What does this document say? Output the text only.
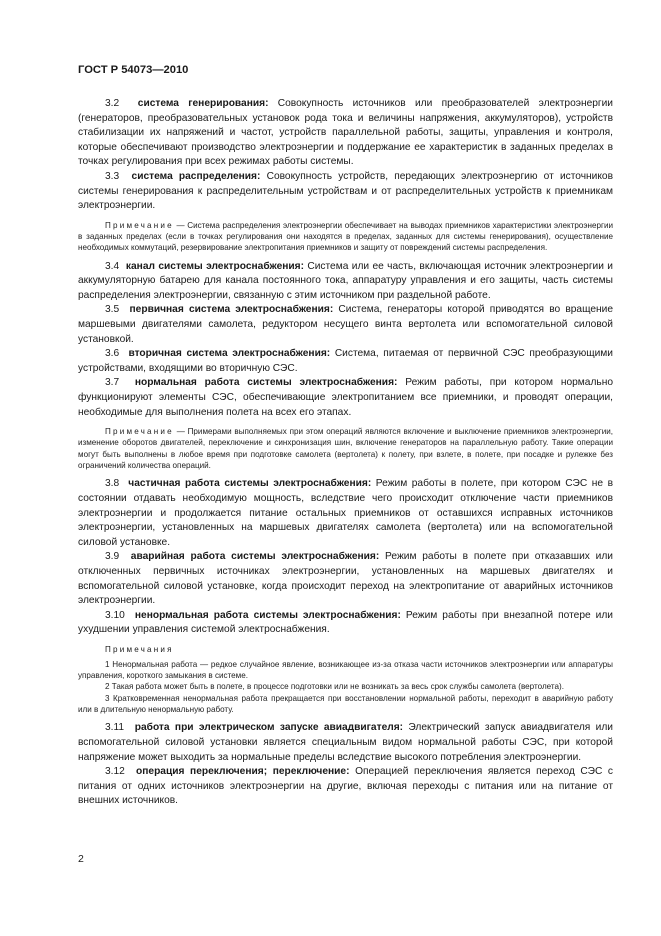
ГОСТ Р 54073—2010

3.2 система генерирования: Совокупность источников или преобразователей электроэнергии (генераторов, преобразовательных установок рода тока и величины напряжения, аккумуляторов), устройств стабилизации их напряжений и частот, устройств параллельной работы, защиты, управления и контроля, которые обеспечивают производство электроэнергии и поддержание ее характеристик в заданных пределах в точках регулирования при всех режимах работы системы.

3.3 система распределения: Совокупность устройств, передающих электроэнергию от источников системы генерирования к распределительным устройствам и от распределительных устройств к приемникам электроэнергии.

Примечание — Система распределения электроэнергии обеспечивает на выводах приемников характеристики электроэнергии в заданных пределах (если в точках регулирования они находятся в пределах, заданных для системы генерирования), осуществление необходимых коммутаций, резервирование электропитания приемников и защиту от повреждений системы распределения.

3.4 канал системы электроснабжения: Система или ее часть, включающая источник электроэнергии и аккумуляторную батарею для канала постоянного тока, аппаратуру управления и его защиты, часть системы распределения электроэнергии, связанную с этим источником при раздельной работе.

3.5 первичная система электроснабжения: Система, генераторы которой приводятся во вращение маршевыми двигателями самолета, редуктором несущего винта вертолета или вспомогательной силовой установкой.

3.6 вторичная система электроснабжения: Система, питаемая от первичной СЭС преобразующими устройствами, входящими во вторичную СЭС.

3.7 нормальная работа системы электроснабжения: Режим работы, при котором нормально функционируют элементы СЭС, обеспечивающие электропитанием все приемники, и проводят операции, необходимые для выполнения полета на всех его этапах.

Примечание — Примерами выполняемых при этом операций являются включение и выключение приемников электроэнергии, изменение оборотов двигателей, переключение и синхронизация шин, включение генераторов на параллельную работу. Такие операции могут быть выполнены в любое время при подготовке самолета (вертолета) к полету, при взлете, в полете, при посадке и рулежке без ограничений количества операций.

3.8 частичная работа системы электроснабжения: Режим работы в полете, при котором СЭС не в состоянии отдавать необходимую мощность, вследствие чего происходит отключение части приемников электроэнергии и продолжается питание остальных приемников от оставшихся исправных источников электроэнергии, установленных на маршевых двигателях самолета (вертолета) или на вспомогательной силовой установке.

3.9 аварийная работа системы электроснабжения: Режим работы в полете при отказавших или отключенных первичных источниках электроэнергии, установленных на маршевых двигателях и вспомогательной силовой установке, когда происходит переход на электропитание от аварийных источников электроэнергии.

3.10 ненормальная работа системы электроснабжения: Режим работы при внезапной потере или ухудшении управления системой электроснабжения.

Примечания

1 Ненормальная работа — редкое случайное явление, возникающее из-за отказа части источников электроэнергии или аппаратуры управления, короткого замыкания в системе.

2 Такая работа может быть в полете, в процессе подготовки или не возникать за весь срок службы самолета (вертолета).

3 Кратковременная ненормальная работа прекращается при восстановлении нормальной работы, переходит в аварийную работу или в длительную ненормальную работу.

3.11 работа при электрическом запуске авиадвигателя: Электрический запуск авиадвигателя или вспомогательной силовой установки является специальным видом нормальной работы СЭС, при которой напряжение может выходить за нормальные пределы вследствие высокого потребления электроэнергии.

3.12 операция переключения; переключение: Операцией переключения является переход СЭС с питания от одних источников электроэнергии на другие, включая переходы с питания или на питание от внешних источников.

2
